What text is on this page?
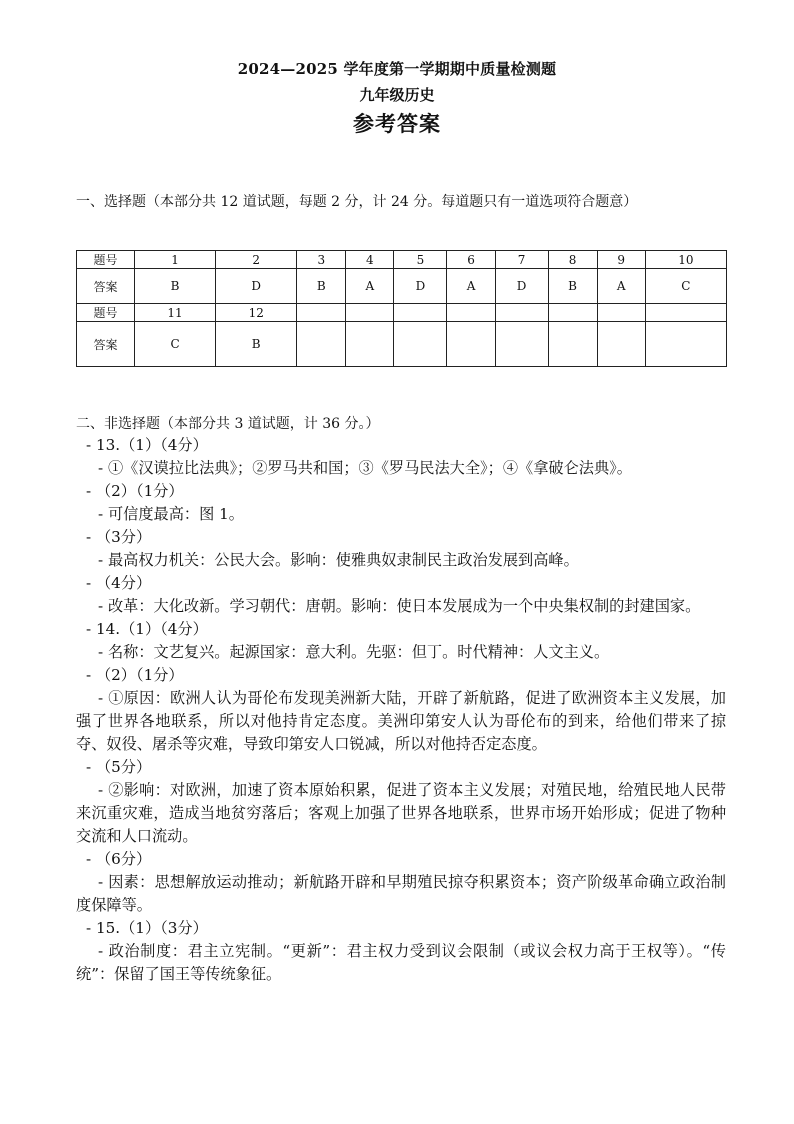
2024—2025 学年度第一学期期中质量检测题
九年级历史
参考答案
一、选择题（本部分共 12 道试题，每题 2 分，计 24 分。每道题只有一道选项符合题意）
题号	1	2	3	4	5	6	7	8	9	10
答案	B	D	B	A	D	A	D	B	A	C
题号	11	12								
答案	C	B								
二、非选择题（本部分共 3 道试题，计 36 分。）

- 13.（1）（4分）

- ①《汉谟拉比法典》；②罗马共和国；③《罗马民法大全》；④《拿破仑法典》。

- （2）（1分）

- 可信度最高：图 1。

- （3分）

- 最高权力机关：公民大会。影响：使雅典奴隶制民主政治发展到高峰。

- （4分）

- 改革：大化改新。学习朝代：唐朝。影响：使日本发展成为一个中央集权制的封建国家。

- 14.（1）（4分）

- 名称：文艺复兴。起源国家：意大利。先驱：但丁。时代精神：人文主义。

- （2）（1分）

- ①原因：欧洲人认为哥伦布发现美洲新大陆，开辟了新航路，促进了欧洲资本主义发展，加强了世界各地联系，所以对他持肯定态度。美洲印第安人认为哥伦布的到来，给他们带来了掠夺、奴役、屠杀等灾难，导致印第安人口锐减，所以对他持否定态度。

- （5分）

- ②影响：对欧洲，加速了资本原始积累，促进了资本主义发展；对殖民地，给殖民地人民带来沉重灾难，造成当地贫穷落后；客观上加强了世界各地联系，世界市场开始形成；促进了物种交流和人口流动。

- （6分）

- 因素：思想解放运动推动；新航路开辟和早期殖民掠夺积累资本；资产阶级革命确立政治制度保障等。

- 15.（1）（3分）

- 政治制度：君主立宪制。“更新”：君主权力受到议会限制（或议会权力高于王权等）。“传统”：保留了国王等传统象征。
